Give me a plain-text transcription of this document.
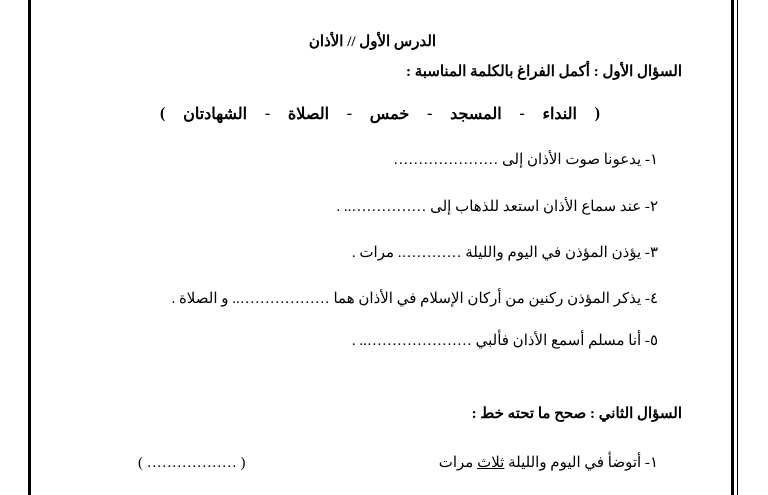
الدرس الأول // الأذان
السؤال الأول : أكمل الفراغ بالكلمة المناسبة :
(
النداء
-
المسجد
-
خمس
-
الصلاة
-
الشهادتان
)
١- يدعونا صوت الأذان إلى …………………
٢- عند سماع الأذان استعد للذهاب إلى …………….. .
٣- يؤذن المؤذن في اليوم والليلة …………. مرات .
٤- يذكر المؤذن ركنين من أركان الإسلام في الأذان هما ……………….. و الصلاة .
٥- أنا مسلم أسمع الأذان فألبي ………………….. .
السؤال الثاني : صحح ما تحته خط :
١- أتوضأ في اليوم والليلة ثلاث مرات
( ……………… )
